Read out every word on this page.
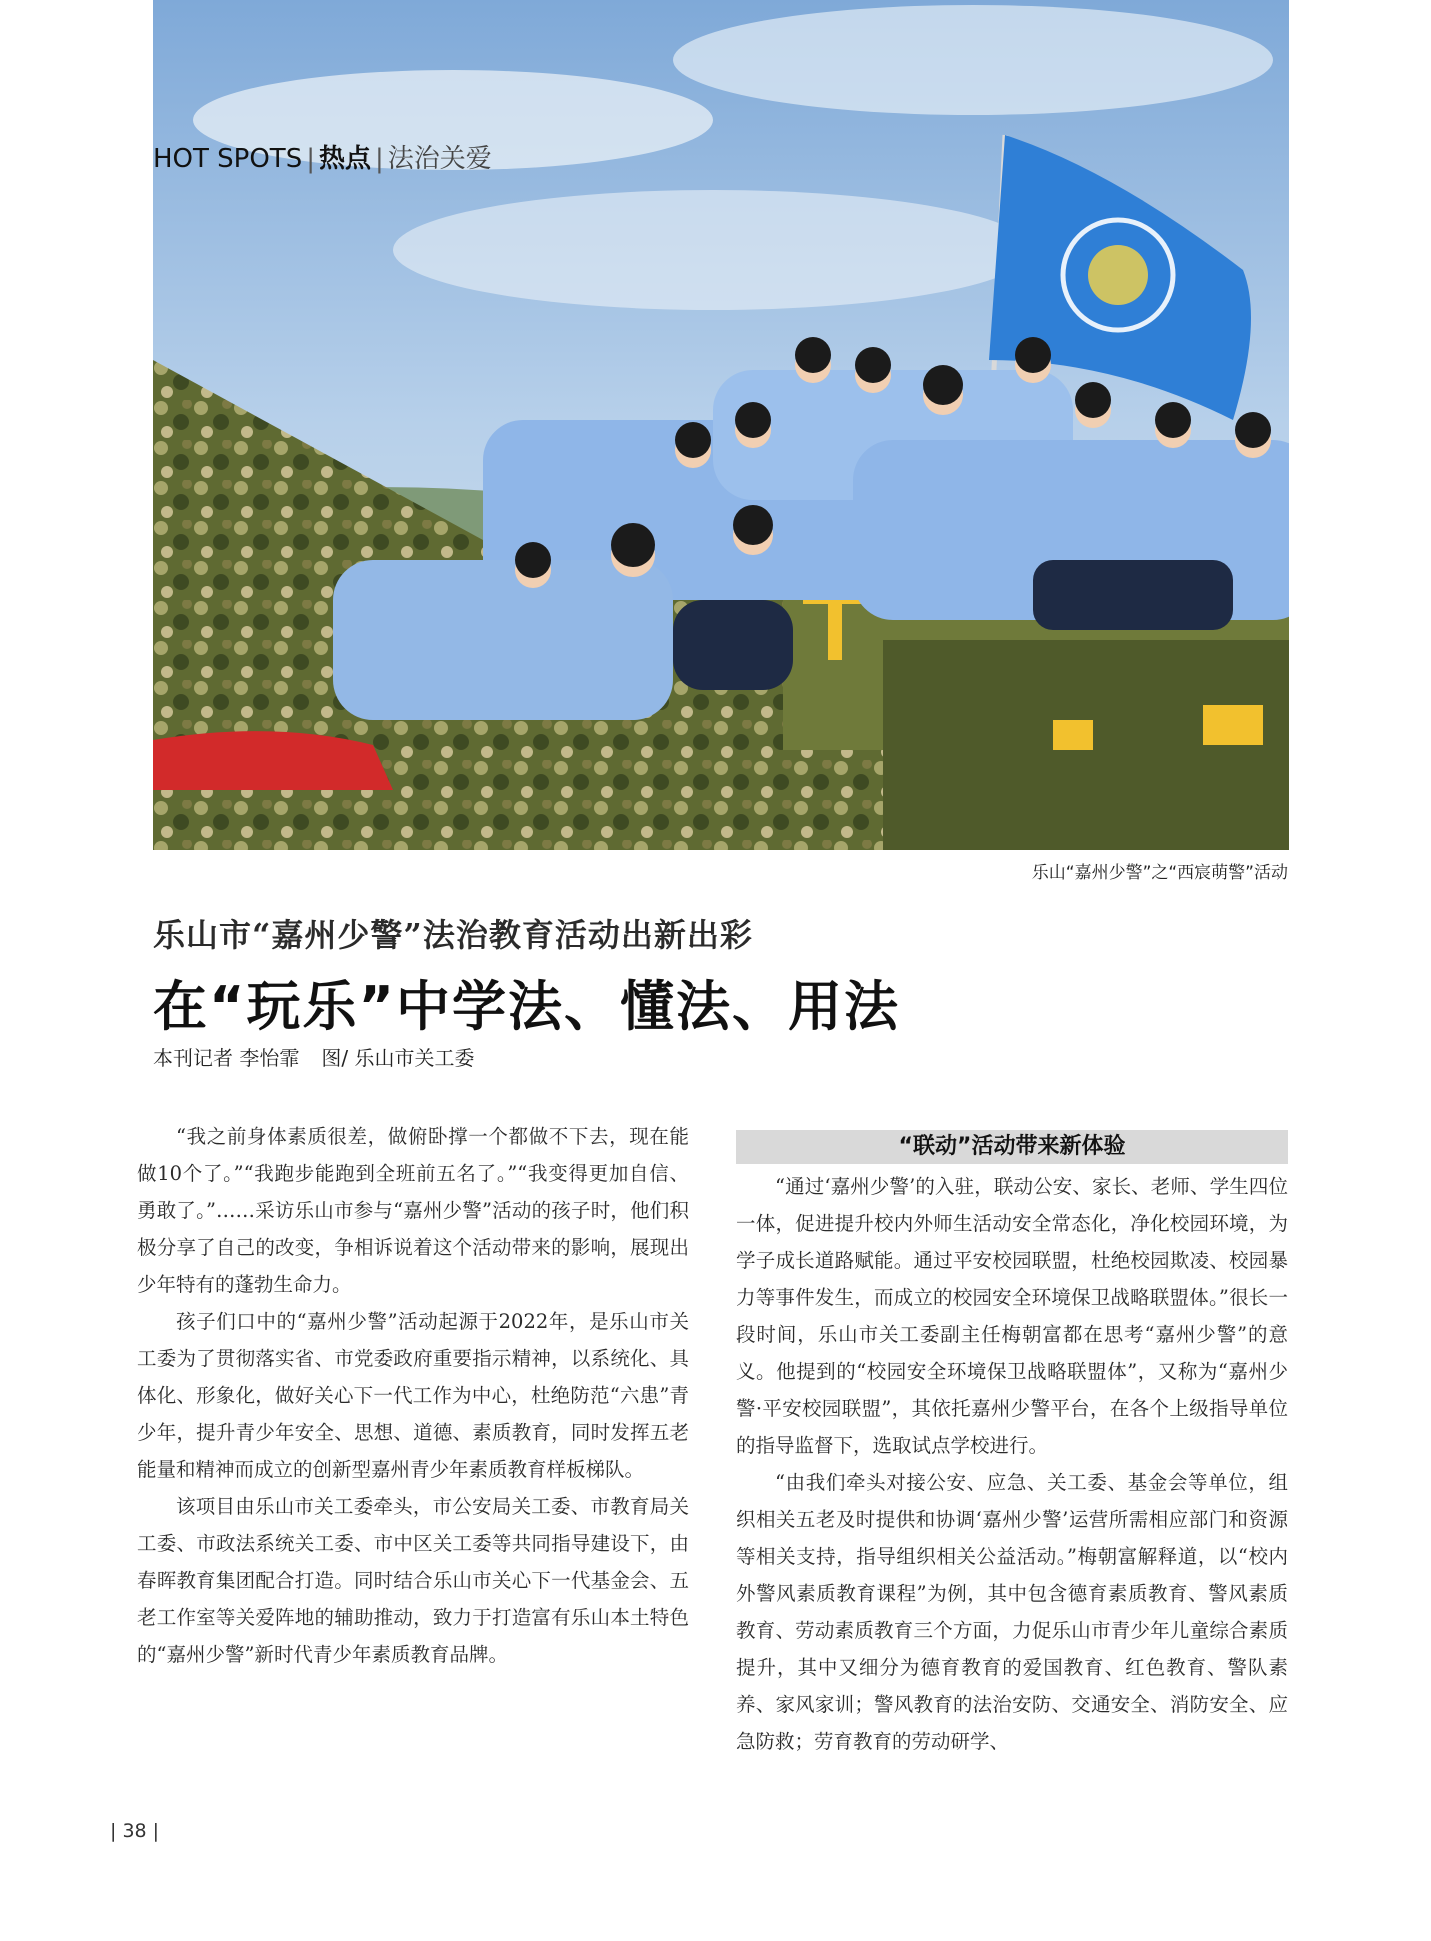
HOT SPOTS | 热点 | 法治关爱
乐山“嘉州少警”之“西宸萌警”活动
乐山市“嘉州少警”法治教育活动出新出彩
在“玩乐”中学法、懂法、用法
本刊记者 李怡霏 图/ 乐山市关工委

“我之前身体素质很差，做俯卧撑一个都做不下去，现在能做10个了。”“我跑步能跑到全班前五名了。”“我变得更加自信、勇敢了。”……采访乐山市参与“嘉州少警”活动的孩子时，他们积极分享了自己的改变，争相诉说着这个活动带来的影响，展现出少年特有的蓬勃生命力。

孩子们口中的“嘉州少警”活动起源于2022年，是乐山市关工委为了贯彻落实省、市党委政府重要指示精神，以系统化、具体化、形象化，做好关心下一代工作为中心，杜绝防范“六患”青少年，提升青少年安全、思想、道德、素质教育，同时发挥五老能量和精神而成立的创新型嘉州青少年素质教育样板梯队。

该项目由乐山市关工委牵头，市公安局关工委、市教育局关工委、市政法系统关工委、市中区关工委等共同指导建设下，由春晖教育集团配合打造。同时结合乐山市关心下一代基金会、五老工作室等关爱阵地的辅助推动，致力于打造富有乐山本土特色的“嘉州少警”新时代青少年素质教育品牌。

“联动”活动带来新体验

“通过‘嘉州少警’的入驻，联动公安、家长、老师、学生四位一体，促进提升校内外师生活动安全常态化，净化校园环境，为学子成长道路赋能。通过平安校园联盟，杜绝校园欺凌、校园暴力等事件发生，而成立的校园安全环境保卫战略联盟体。”很长一段时间，乐山市关工委副主任梅朝富都在思考“嘉州少警”的意义。他提到的“校园安全环境保卫战略联盟体”，又称为“嘉州少警·平安校园联盟”，其依托嘉州少警平台，在各个上级指导单位的指导监督下，选取试点学校进行。

“由我们牵头对接公安、应急、关工委、基金会等单位，组织相关五老及时提供和协调‘嘉州少警’运营所需相应部门和资源等相关支持，指导组织相关公益活动。”梅朝富解释道，以“校内外警风素质教育课程”为例，其中包含德育素质教育、警风素质教育、劳动素质教育三个方面，力促乐山市青少年儿童综合素质提升，其中又细分为德育教育的爱国教育、红色教育、警队素养、家风家训；警风教育的法治安防、交通安全、消防安全、应急防救；劳育教育的劳动研学、

| 38 |
